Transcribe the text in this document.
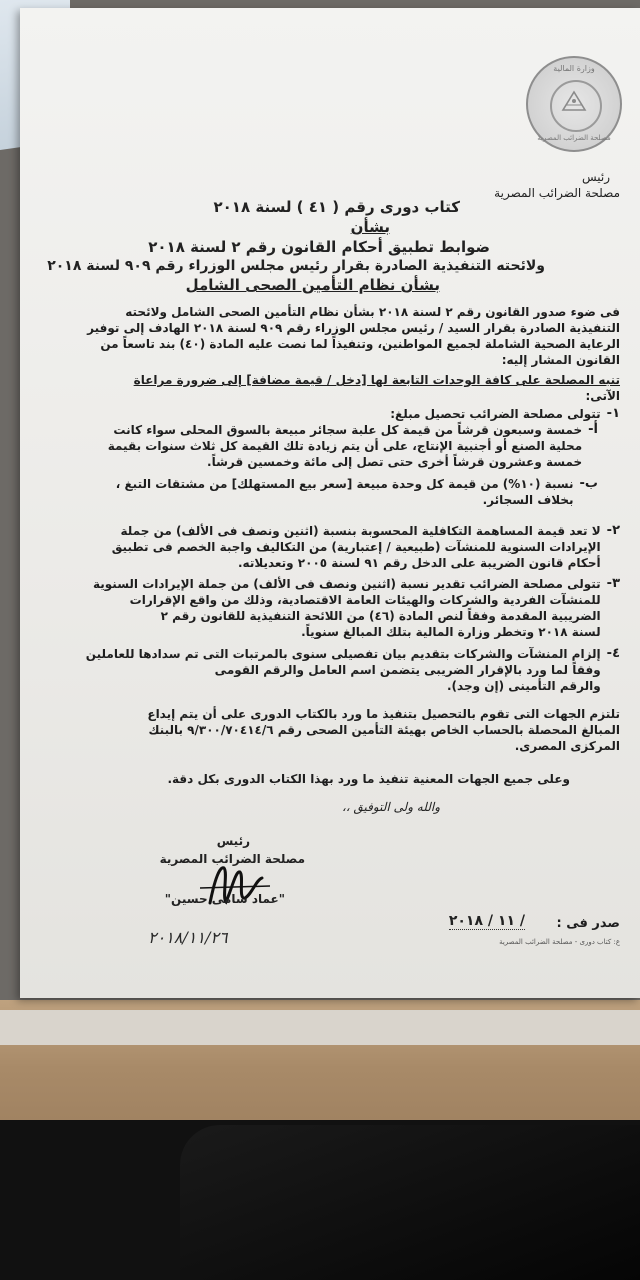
وزارة المالية
مصلحة الضرائب المصرية
رئيس
مصلحة الضرائب المصرية
كتاب دورى رقم ( ٤١ ) لسنة ٢٠١٨
بشأن
ضوابط تطبيق أحكام القانون رقم ٢ لسنة ٢٠١٨
ولائحته التنفيذية الصادرة بقرار رئيس مجلس الوزراء رقم ٩٠٩ لسنة ٢٠١٨
بشأن نظام التأمين الصحى الشامل
فى ضوء صدور القانون رقم ٢ لسنة ٢٠١٨ بشأن نظام التأمين الصحى الشامل ولائحته
التنفيذية الصادرة بقرار السيد / رئيس مجلس الوزراء رقم ٩٠٩ لسنة ٢٠١٨ الهادف إلى توفير
الرعاية الصحية الشاملة لجميع المواطنين، وتنفيذاً لما نصت عليه المادة (٤٠) بند تاسعاً من
القانون المشار إليه:
تنبه المصلحة على كافة الوحدات التابعة لها [دخل / قيمة مضافة] إلى ضرورة مراعاة
الآتى:
١-
تتولى مصلحة الضرائب تحصيل مبلغ:
أ-
خمسة وسبعون قرشاً من قيمة كل علبة سجائر مبيعة بالسوق المحلى سواء كانت
محلية الصنع أو أجنبية الإنتاج، على أن يتم زيادة تلك القيمة كل ثلاث سنوات بقيمة
خمسة وعشرون قرشاً أخرى حتى تصل إلى مائة وخمسين قرشاً.
ب-
نسبة (١٠%) من قيمة كل وحدة مبيعة [سعر بيع المستهلك] من مشتقات التبغ ،
بخلاف السجائر.
٢-
لا تعد قيمة المساهمة التكافلية المحسوبة بنسبة (اثنين ونصف فى الألف) من جملة
الإيرادات السنوية للمنشآت (طبيعية / إعتبارية) من التكاليف واجبة الخصم فى تطبيق
أحكام قانون الضريبة على الدخل رقم ٩١ لسنة ٢٠٠٥ وتعديلاته.
٣-
تتولى مصلحة الضرائب تقدير نسبة (اثنين ونصف فى الألف) من جملة الإيرادات السنوية
للمنشآت الفردية والشركات والهيئات العامة الاقتصادية، وذلك من واقع الإقرارات
الضريبية المقدمة وفقاً لنص المادة (٤٦) من اللائحة التنفيذية للقانون رقم ٢
لسنة ٢٠١٨ وتخطر وزارة المالية بتلك المبالغ سنوياً.
٤-
إلزام المنشآت والشركات بتقديم بيان تفصيلى سنوى بالمرتبات التى تم سدادها للعاملين
وفقاً لما ورد بالإقرار الضريبى يتضمن اسم العامل والرقم القومى
والرقم التأمينى (إن وجد).
تلتزم الجهات التى تقوم بالتحصيل بتنفيذ ما ورد بالكتاب الدورى على أن يتم إيداع
المبالغ المحصلة بالحساب الخاص بهيئة التأمين الصحى رقم ٩/٣٠٠/٧٠٤١٤/٦ بالبنك
المركزى المصرى.
وعلى جميع الجهات المعنية تنفيذ ما ورد بهذا الكتاب الدورى بكل دقة.
والله ولى التوفيق ،،
رئيس
مصلحة الضرائب المصرية
"عماد سامى حسين"
٢٠١٨/١١/٢٦
صدر فى :
/ ١١ / ٢٠١٨
ع: كتاب دورى - مصلحة الضرائب المصرية
